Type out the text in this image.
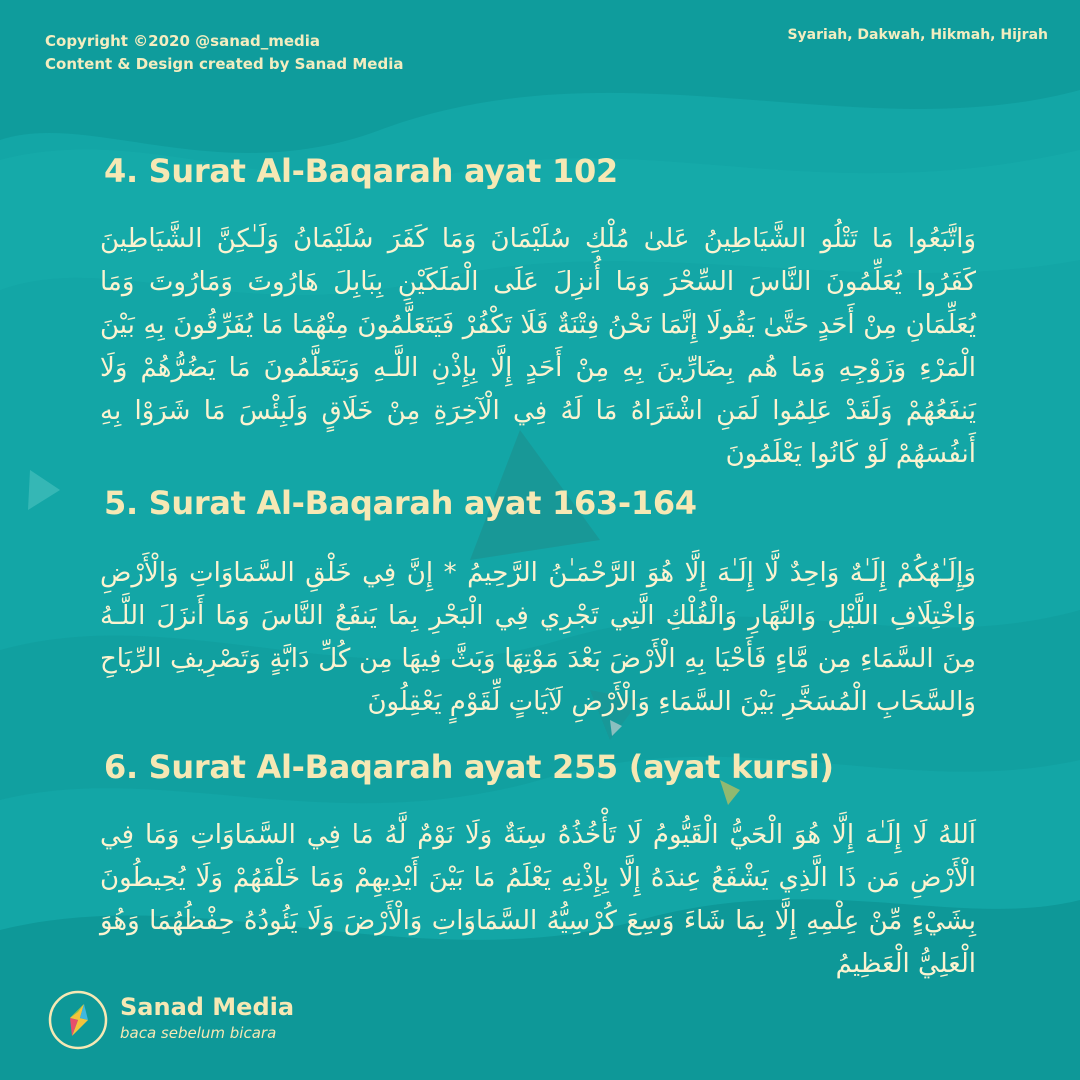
Copyright ©2020 @sanad_media
Content & Design created by Sanad Media
Syariah, Dakwah, Hikmah, Hijrah
4. Surat Al-Baqarah ayat 102

وَاتَّبَعُوا مَا تَتْلُو الشَّيَاطِينُ عَلىٰ مُلْكِ سُلَيْمَانَ وَمَا كَفَرَ سُلَيْمَانُ وَلَـٰكِنَّ الشَّيَاطِينَ كَفَرُوا يُعَلِّمُونَ النَّاسَ السِّحْرَ وَمَا أُنزِلَ عَلَى الْمَلَكَيْنِ بِبَابِلَ هَارُوتَ وَمَارُوتَ وَمَا يُعَلِّمَانِ مِنْ أَحَدٍ حَتَّىٰ يَقُولَا إِنَّمَا نَحْنُ فِتْنَةٌ فَلَا تَكْفُرْ فَيَتَعَلَّمُونَ مِنْهُمَا مَا يُفَرِّقُونَ بِهِ بَيْنَ الْمَرْءِ وَزَوْجِهِ وَمَا هُم بِضَارِّينَ بِهِ مِنْ أَحَدٍ إِلَّا بِإِذْنِ اللَّـهِ وَيَتَعَلَّمُونَ مَا يَضُرُّهُمْ وَلَا يَنفَعُهُمْ وَلَقَدْ عَلِمُوا لَمَنِ اشْتَرَاهُ مَا لَهُ فِي الْآخِرَةِ مِنْ خَلَاقٍ وَلَبِئْسَ مَا شَرَوْا بِهِ أَنفُسَهُمْ لَوْ كَانُوا يَعْلَمُونَ

5. Surat Al-Baqarah ayat 163-164

وَإِلَـٰهُكُمْ إِلَـٰهٌ وَاحِدٌ لَّا إِلَـٰهَ إِلَّا هُوَ الرَّحْمَـٰنُ الرَّحِيمُ * إِنَّ فِي خَلْقِ السَّمَاوَاتِ وَالْأَرْضِ وَاخْتِلَافِ اللَّيْلِ وَالنَّهَارِ وَالْفُلْكِ الَّتِي تَجْرِي فِي الْبَحْرِ بِمَا يَنفَعُ النَّاسَ وَمَا أَنزَلَ اللَّـهُ مِنَ السَّمَاءِ مِن مَّاءٍ فَأَحْيَا بِهِ الْأَرْضَ بَعْدَ مَوْتِهَا وَبَثَّ فِيهَا مِن كُلِّ دَابَّةٍ وَتَصْرِيفِ الرِّيَاحِ وَالسَّحَابِ الْمُسَخَّرِ بَيْنَ السَّمَاءِ وَالْأَرْضِ لَآيَاتٍ لِّقَوْمٍ يَعْقِلُونَ

6. Surat Al-Baqarah ayat 255 (ayat kursi)

اَللهُ لَا إِلَـٰهَ إِلَّا هُوَ الْحَيُّ الْقَيُّومُ لَا تَأْخُذُهُ سِنَةٌ وَلَا نَوْمٌ لَّهُ مَا فِي السَّمَاوَاتِ وَمَا فِي الْأَرْضِ مَن ذَا الَّذِي يَشْفَعُ عِندَهُ إِلَّا بِإِذْنِهِ يَعْلَمُ مَا بَيْنَ أَيْدِيهِمْ وَمَا خَلْفَهُمْ وَلَا يُحِيطُونَ بِشَيْءٍ مِّنْ عِلْمِهِ إِلَّا بِمَا شَاءَ وَسِعَ كُرْسِيُّهُ السَّمَاوَاتِ وَالْأَرْضَ وَلَا يَئُودُهُ حِفْظُهُمَا وَهُوَ الْعَلِيُّ الْعَظِيمُ

Sanad Media
baca sebelum bicara
